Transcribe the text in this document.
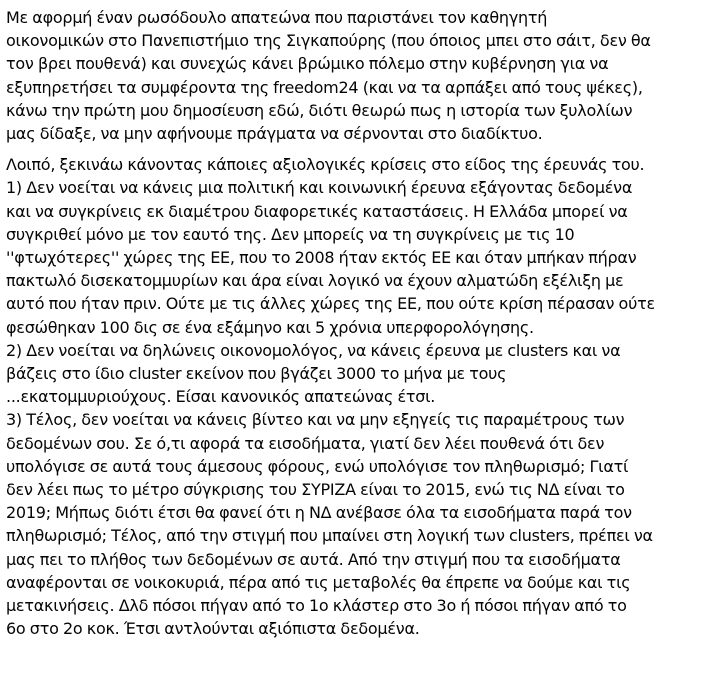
Με αφορμή έναν ρωσόδουλο απατεώνα που παριστάνει τον καθηγητή
οικονομικών στο Πανεπιστήμιο της Σιγκαπούρης (που όποιος μπει στο σάιτ, δεν θα
τον βρει πουθενά) και συνεχώς κάνει βρώμικο πόλεμο στην κυβέρνηση για να
εξυπηρετήσει τα συμφέροντα της freedom24 (και να τα αρπάξει από τους ψέκες),
κάνω την πρώτη μου δημοσίευση εδώ, διότι θεωρώ πως η ιστορία των ξυλολίων
μας δίδαξε, να μην αφήνουμε πράγματα να σέρνονται στο διαδίκτυο.

Λοιπό, ξεκινάω κάνοντας κάποιες αξιολογικές κρίσεις στο είδος της έρευνάς του.
1) Δεν νοείται να κάνεις μια πολιτική και κοινωνική έρευνα εξάγοντας δεδομένα
και να συγκρίνεις εκ διαμέτρου διαφορετικές καταστάσεις. Η Ελλάδα μπορεί να
συγκριθεί μόνο με τον εαυτό της. Δεν μπορείς να τη συγκρίνεις με τις 10
''φτωχότερες'' χώρες της ΕΕ, που το 2008 ήταν εκτός ΕΕ και όταν μπήκαν πήραν
πακτωλό δισεκατομμυρίων και άρα είναι λογικό να έχουν αλματώδη εξέλιξη με
αυτό που ήταν πριν. Ούτε με τις άλλες χώρες της ΕΕ, που ούτε κρίση πέρασαν ούτε
φεσώθηκαν 100 δις σε ένα εξάμηνο και 5 χρόνια υπερφορολόγησης.
2) Δεν νοείται να δηλώνεις οικονομολόγος, να κάνεις έρευνα με clusters και να
βάζεις στο ίδιο cluster εκείνον που βγάζει 3000 το μήνα με τους
...εκατομμυριούχους. Είσαι κανονικός απατεώνας έτσι.
3) Τέλος, δεν νοείται να κάνεις βίντεο και να μην εξηγείς τις παραμέτρους των
δεδομένων σου. Σε ό,τι αφορά τα εισοδήματα, γιατί δεν λέει πουθενά ότι δεν
υπολόγισε σε αυτά τους άμεσους φόρους, ενώ υπολόγισε τον πληθωρισμό; Γιατί
δεν λέει πως το μέτρο σύγκρισης του ΣΥΡΙΖΑ είναι το 2015, ενώ τις ΝΔ είναι το
2019; Μήπως διότι έτσι θα φανεί ότι η ΝΔ ανέβασε όλα τα εισοδήματα παρά τον
πληθωρισμό; Τέλος, από την στιγμή που μπαίνει στη λογική των clusters, πρέπει να
μας πει το πλήθος των δεδομένων σε αυτά. Από την στιγμή που τα εισοδήματα
αναφέρονται σε νοικοκυριά, πέρα από τις μεταβολές θα έπρεπε να δούμε και τις
μετακινήσεις. Δλδ πόσοι πήγαν από το 1ο κλάστερ στο 3ο ή πόσοι πήγαν από το
6ο στο 2ο κοκ. Έτσι αντλούνται αξιόπιστα δεδομένα.
